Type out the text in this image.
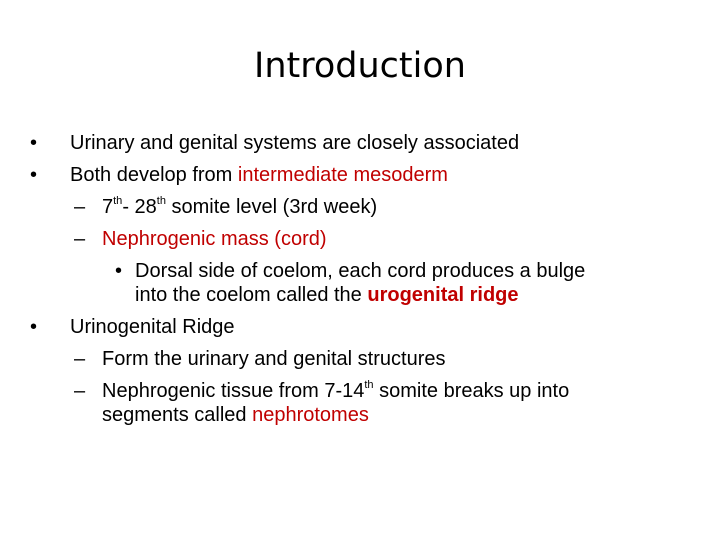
Introduction
• Urinary and genital systems are closely associated
• Both develop from intermediate mesoderm
– 7th- 28th somite level (3rd week)
– Nephrogenic mass (cord)
• Dorsal side of coelom, each cord produces a bulge
into the coelom called the urogenital ridge
• Urinogenital Ridge
– Form the urinary and genital structures
– Nephrogenic tissue from 7-14th somite breaks up into
segments called nephrotomes
